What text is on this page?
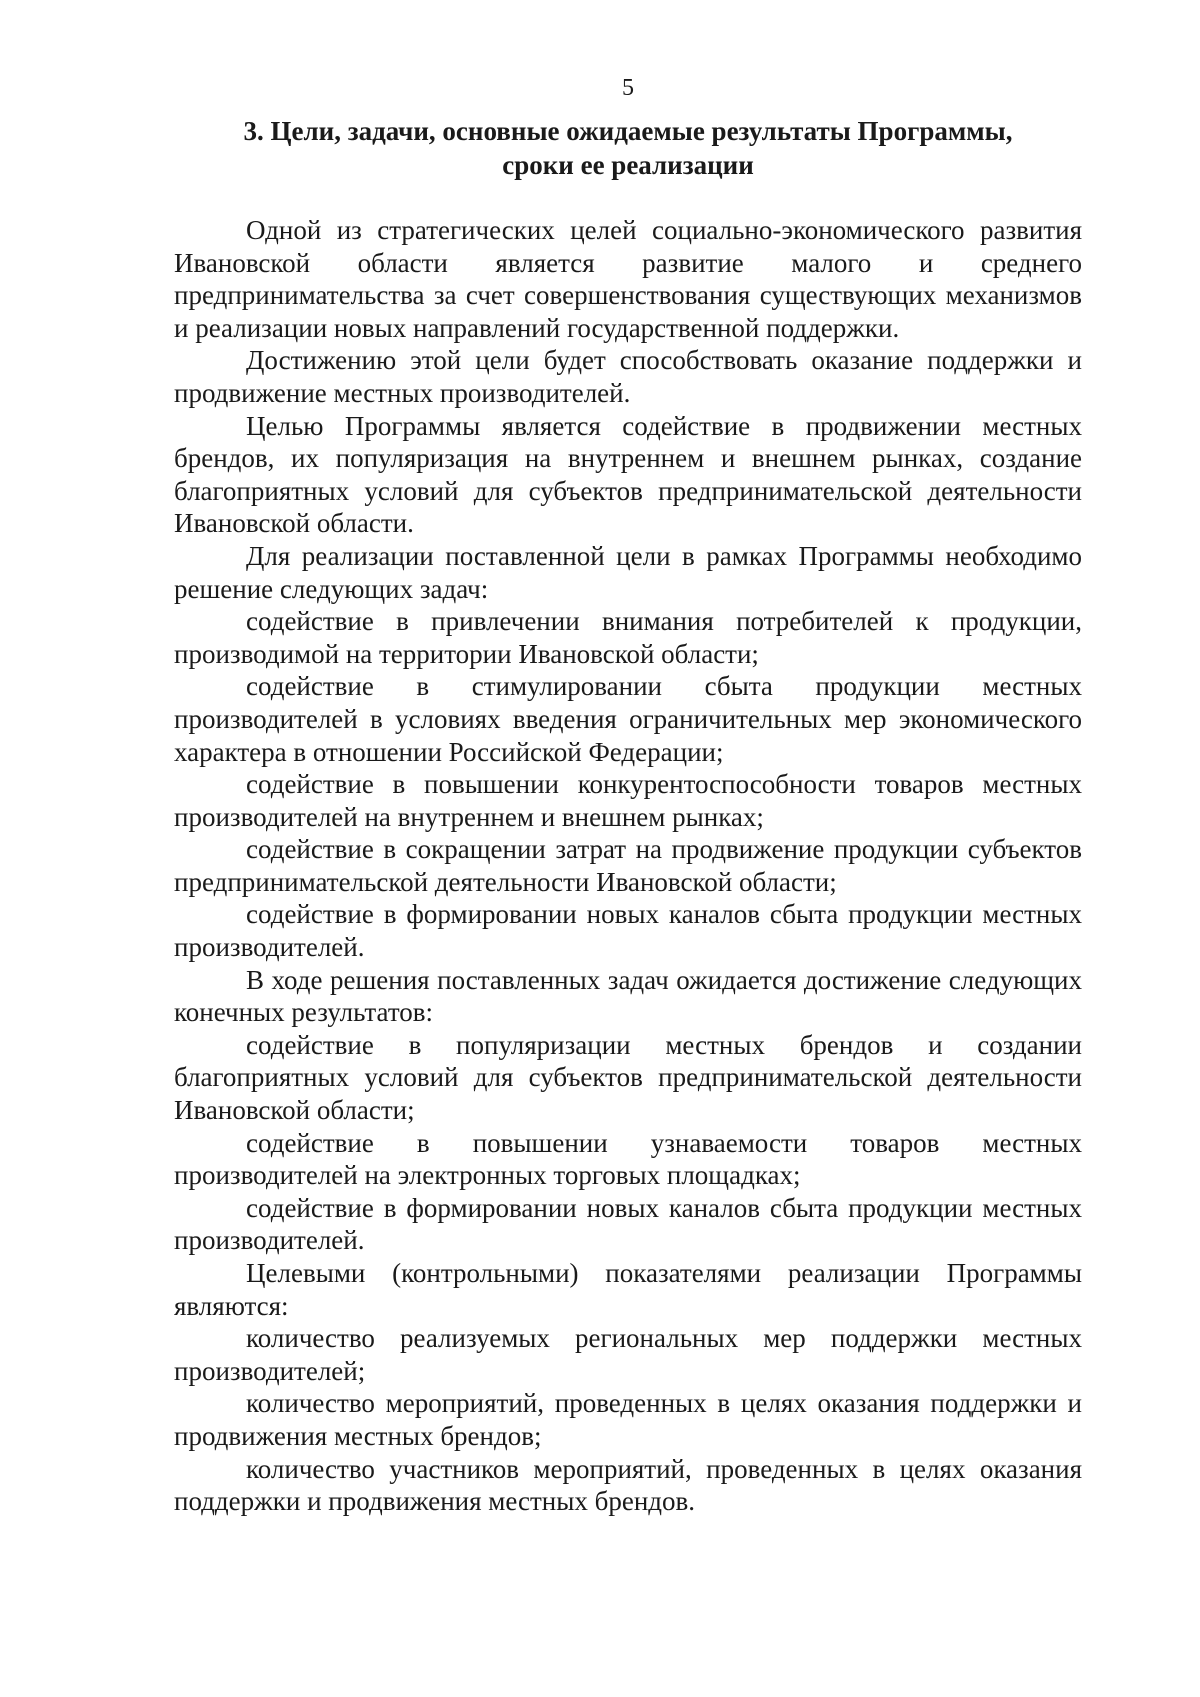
5
3. Цели, задачи, основные ожидаемые результаты Программы,
сроки ее реализации

Одной из стратегических целей социально-экономического развития Ивановской области является развитие малого и среднего предпринимательства за счет совершенствования существующих механизмов и реализации новых направлений государственной поддержки.

Достижению этой цели будет способствовать оказание поддержки и продвижение местных производителей.

Целью Программы является содействие в продвижении местных брендов, их популяризация на внутреннем и внешнем рынках, создание благоприятных условий для субъектов предпринимательской деятельности Ивановской области.

Для реализации поставленной цели в рамках Программы необходимо решение следующих задач:

содействие в привлечении внимания потребителей к продукции, производимой на территории Ивановской области;

содействие в стимулировании сбыта продукции местных производителей в условиях введения ограничительных мер экономического характера в отношении Российской Федерации;

содействие в повышении конкурентоспособности товаров местных производителей на внутреннем и внешнем рынках;

содействие в сокращении затрат на продвижение продукции субъектов предпринимательской деятельности Ивановской области;

содействие в формировании новых каналов сбыта продукции местных производителей.

В ходе решения поставленных задач ожидается достижение следующих конечных результатов:

содействие в популяризации местных брендов и создании благоприятных условий для субъектов предпринимательской деятельности Ивановской области;

содействие в повышении узнаваемости товаров местных производителей на электронных торговых площадках;

содействие в формировании новых каналов сбыта продукции местных производителей.

Целевыми (контрольными) показателями реализации Программы являются:

количество реализуемых региональных мер поддержки местных производителей;

количество мероприятий, проведенных в целях оказания поддержки и продвижения местных брендов;

количество участников мероприятий, проведенных в целях оказания поддержки и продвижения местных брендов.
